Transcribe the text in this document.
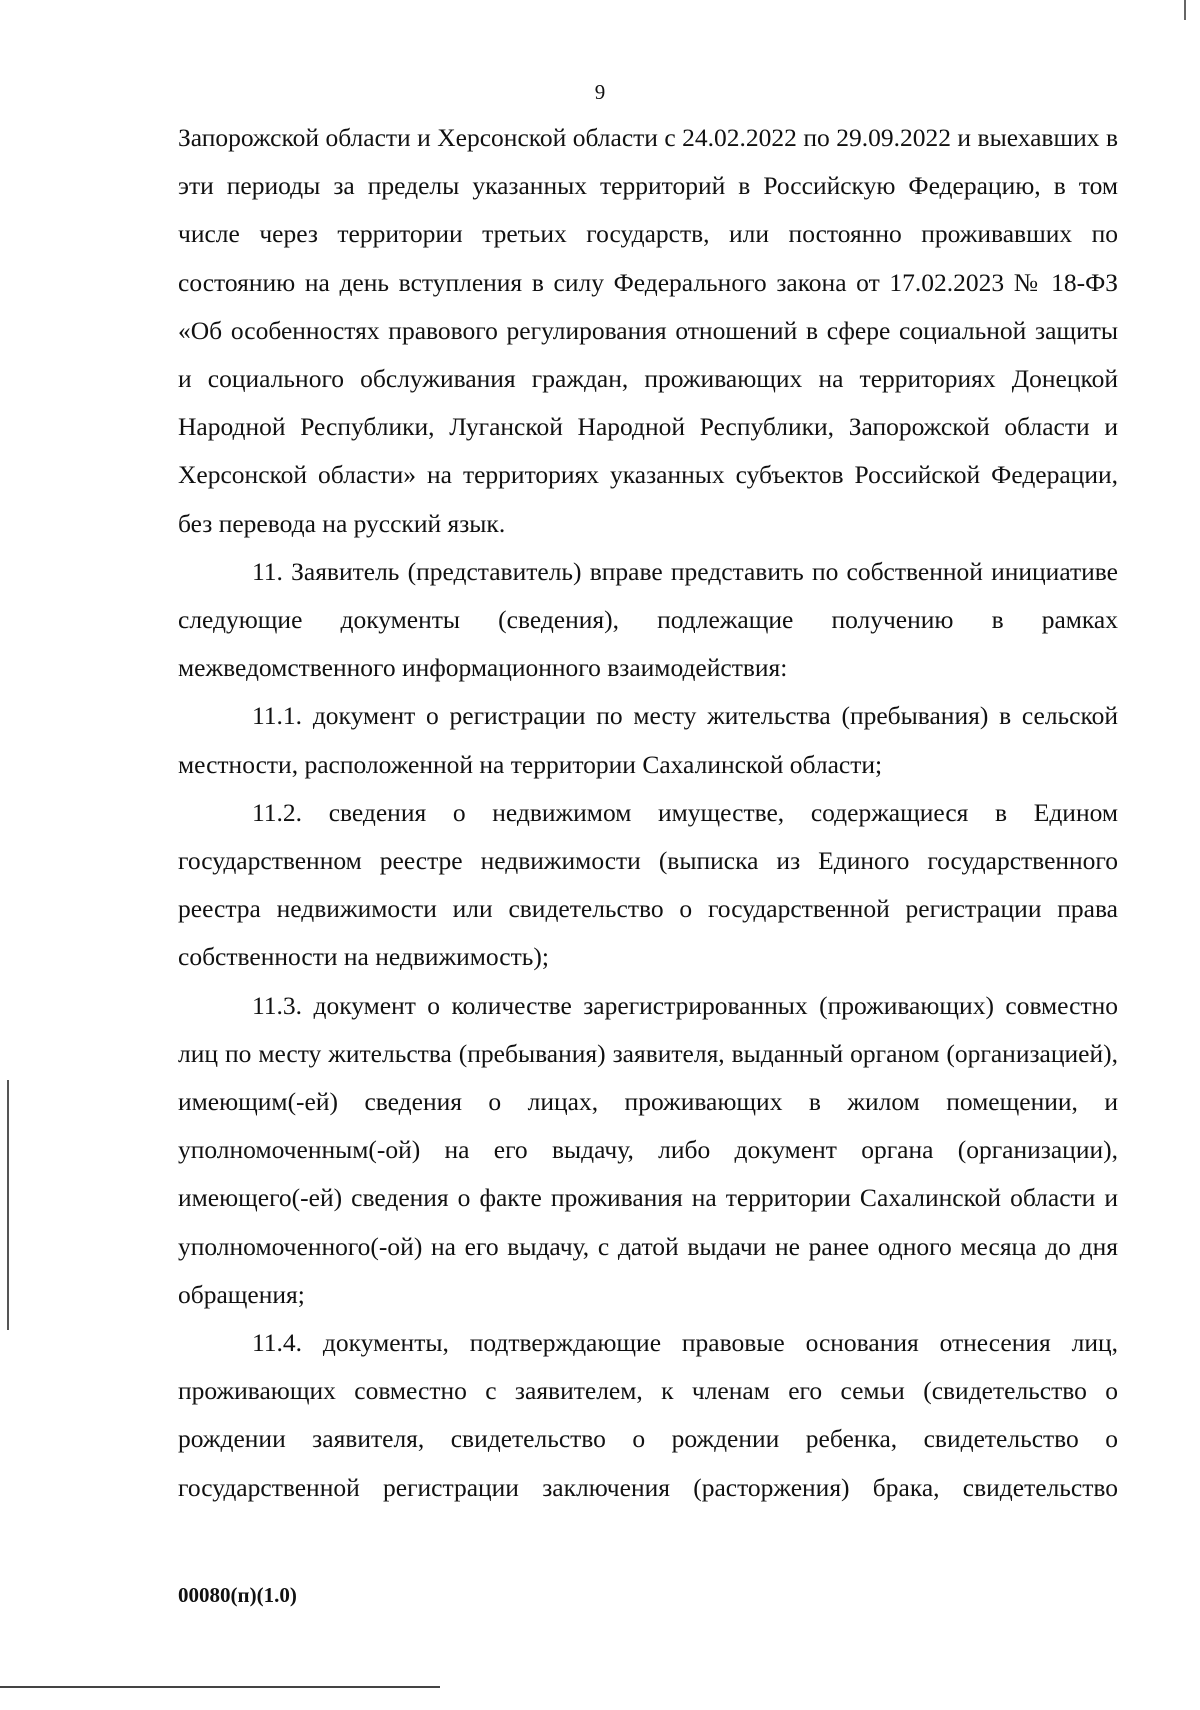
9

Запорожской области и Херсонской области с 24.02.2022 по 29.09.2022 и выехавших в эти периоды за пределы указанных территорий в Российскую Федерацию, в том числе через территории третьих государств, или постоянно проживавших по состоянию на день вступления в силу Федерального закона от 17.02.2023 № 18-ФЗ «Об особенностях правового регулирования отношений в сфере социальной защиты и социального обслуживания граждан, проживающих на территориях Донецкой Народной Республики, Луганской Народной Республики, Запорожской области и Херсонской области» на территориях указанных субъектов Российской Федерации, без перевода на русский язык.

11. Заявитель (представитель) вправе представить по собственной инициативе следующие документы (сведения), подлежащие получению в рамках межведомственного информационного взаимодействия:

11.1. документ о регистрации по месту жительства (пребывания) в сельской местности, расположенной на территории Сахалинской области;

11.2. сведения о недвижимом имуществе, содержащиеся в Едином государственном реестре недвижимости (выписка из Единого государственного реестра недвижимости или свидетельство о государственной регистрации права собственности на недвижимость);

11.3. документ о количестве зарегистрированных (проживающих) совместно лиц по месту жительства (пребывания) заявителя, выданный органом (организацией), имеющим(-ей) сведения о лицах, проживающих в жилом помещении, и уполномоченным(-ой) на его выдачу, либо документ органа (организации), имеющего(-ей) сведения о факте проживания на территории Сахалинской области и уполномоченного(-ой) на его выдачу, с датой выдачи не ранее одного месяца до дня обращения;

11.4. документы, подтверждающие правовые основания отнесения лиц, проживающих совместно с заявителем, к членам его семьи (свидетельство о рождении заявителя, свидетельство о рождении ребенка, свидетельство о государственной регистрации заключения (расторжения) брака, свидетельство

00080(п)(1.0)
